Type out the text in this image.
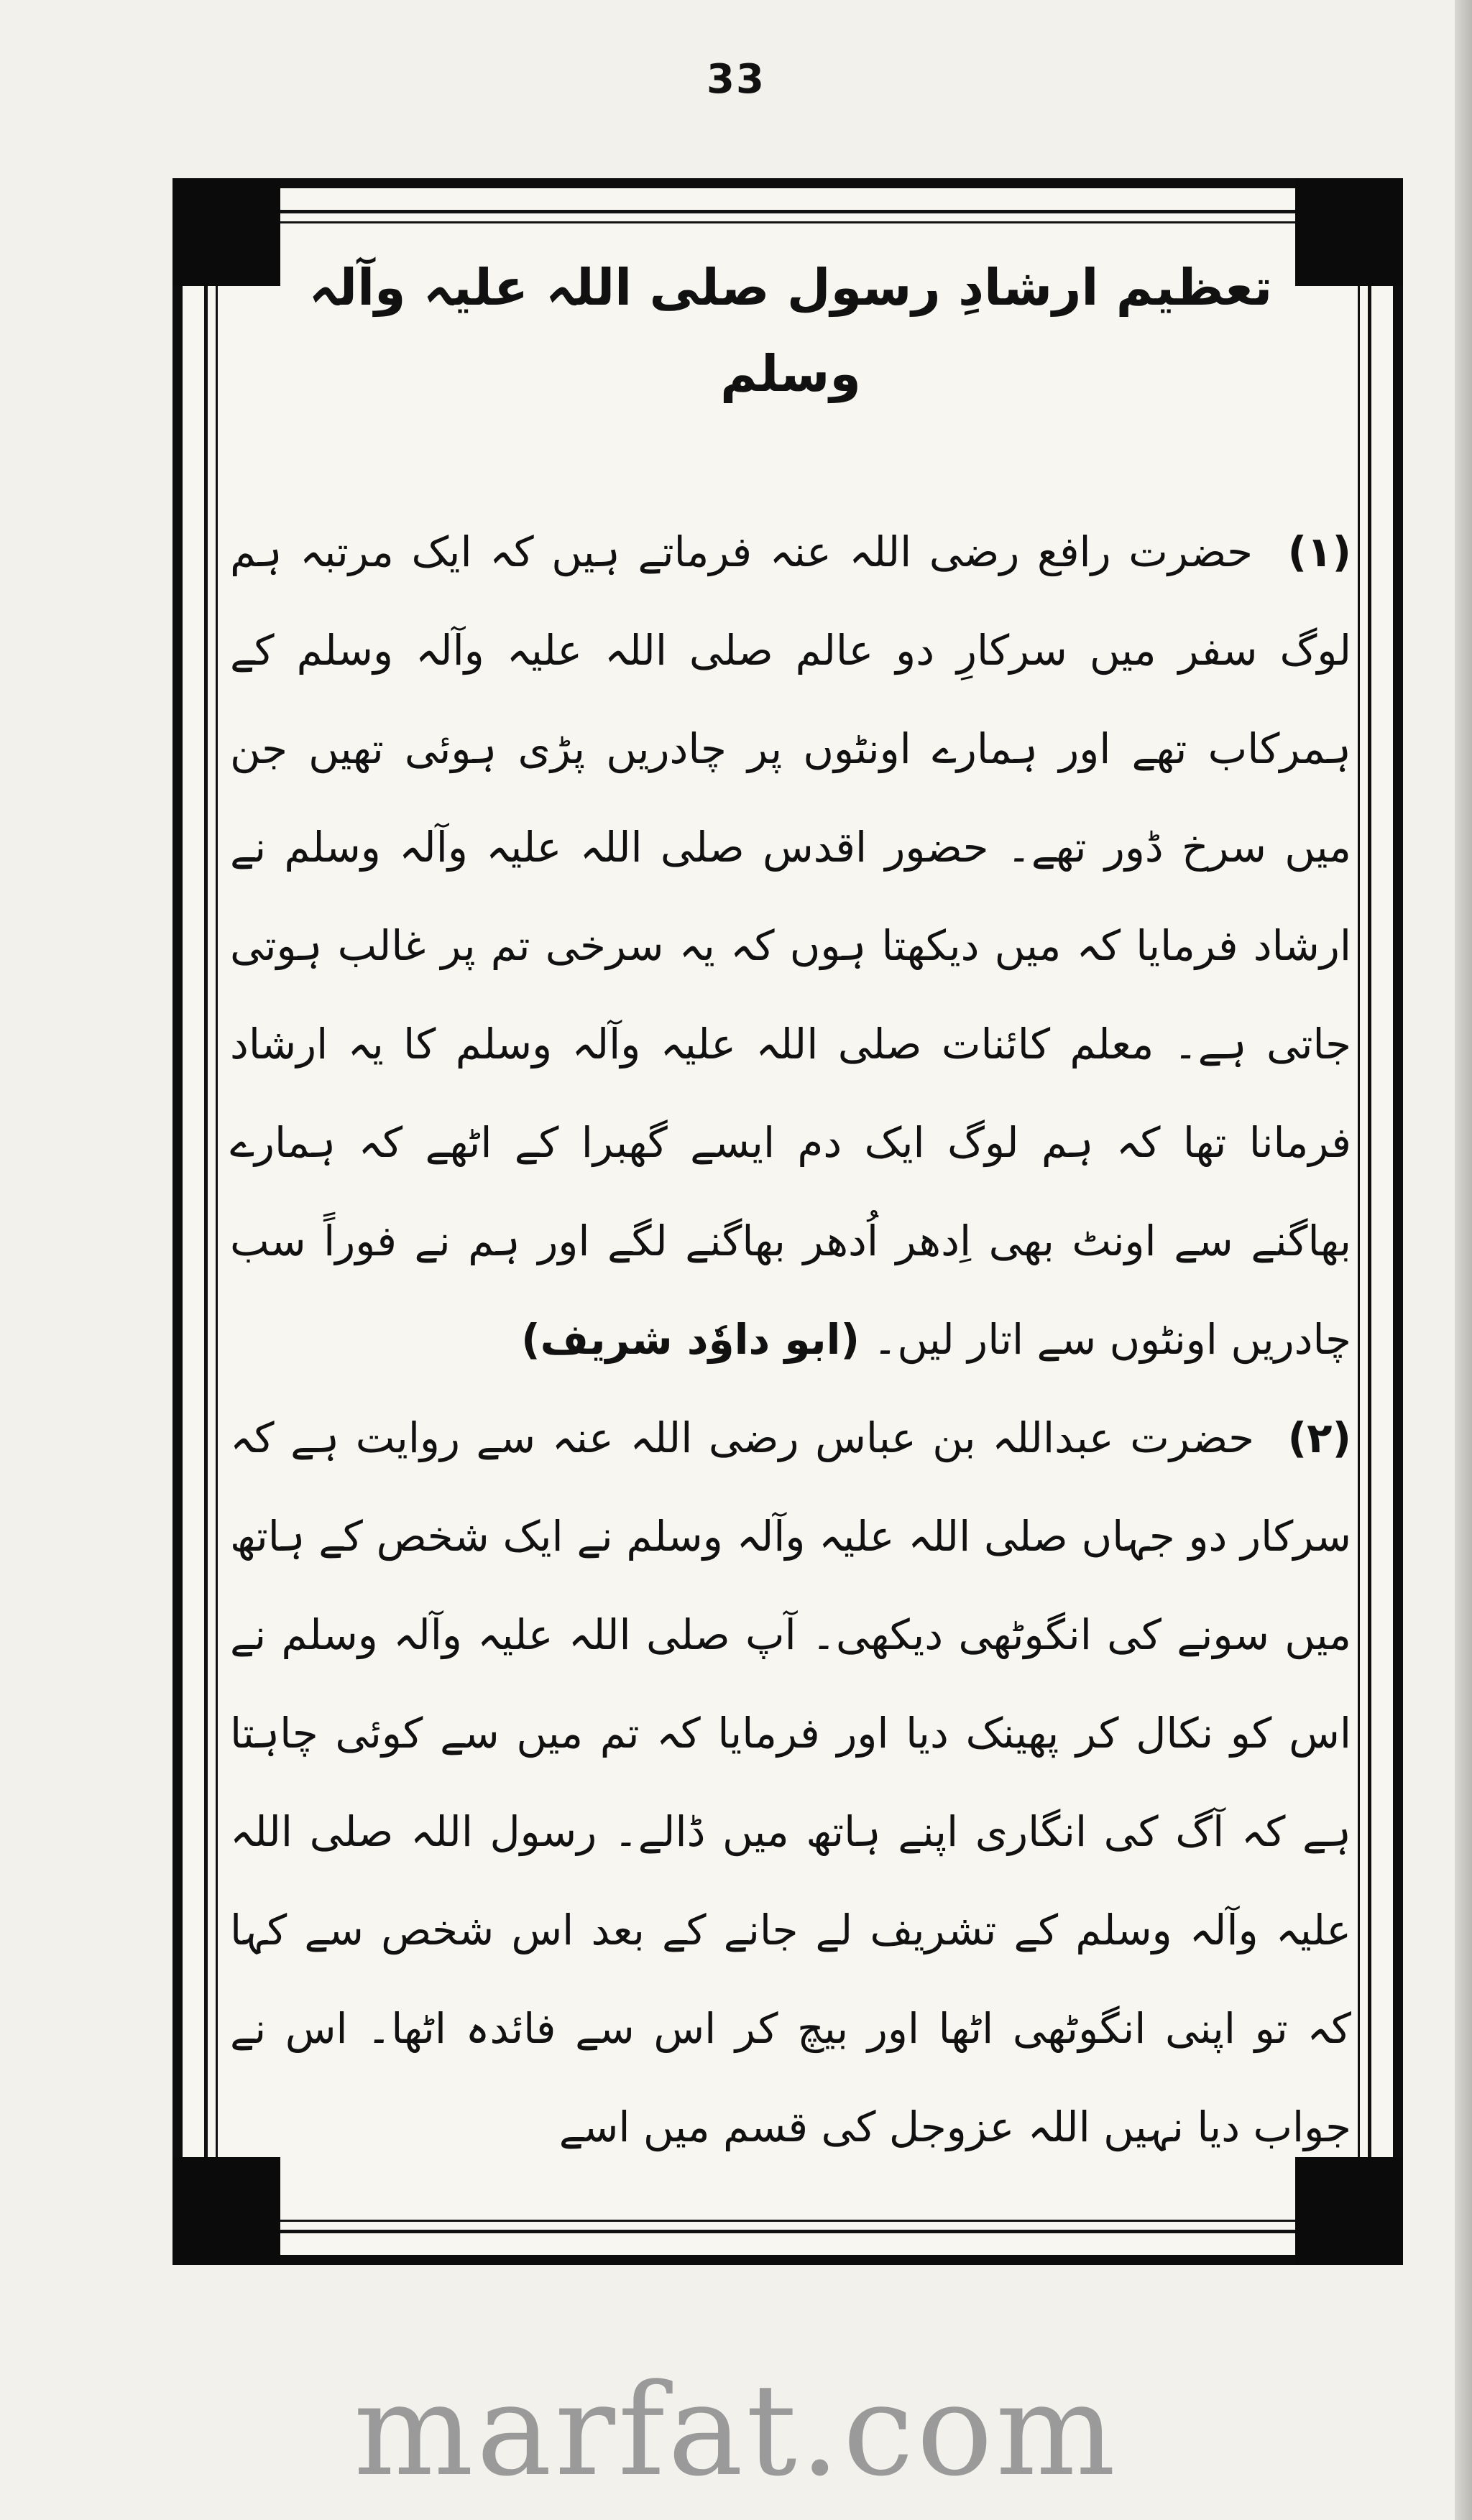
33
تعظیم ارشادِ رسول صلی اللہ علیہ وآلہ وسلم

(۱) حضرت رافع رضی اللہ عنہ فرماتے ہیں کہ ایک مرتبہ ہم لوگ سفر میں سرکارِ دو عالم صلی اللہ علیہ وآلہ وسلم کے ہمرکاب تھے اور ہمارے اونٹوں پر چادریں پڑی ہوئی تھیں جن میں سرخ ڈور تھے۔ حضور اقدس صلی اللہ علیہ وآلہ وسلم نے ارشاد فرمایا کہ میں دیکھتا ہوں کہ یہ سرخی تم پر غالب ہوتی جاتی ہے۔ معلم کائنات صلی اللہ علیہ وآلہ وسلم کا یہ ارشاد فرمانا تھا کہ ہم لوگ ایک دم ایسے گھبرا کے اٹھے کہ ہمارے بھاگنے سے اونٹ بھی اِدھر اُدھر بھاگنے لگے اور ہم نے فوراً سب چادریں اونٹوں سے اتار لیں۔ (ابو داوٗد شریف)

(۲) حضرت عبداللہ بن عباس رضی اللہ عنہ سے روایت ہے کہ سرکار دو جہاں صلی اللہ علیہ وآلہ وسلم نے ایک شخص کے ہاتھ میں سونے کی انگوٹھی دیکھی۔ آپ صلی اللہ علیہ وآلہ وسلم نے اس کو نکال کر پھینک دیا اور فرمایا کہ تم میں سے کوئی چاہتا ہے کہ آگ کی انگاری اپنے ہاتھ میں ڈالے۔ رسول اللہ صلی اللہ علیہ وآلہ وسلم کے تشریف لے جانے کے بعد اس شخص سے کہا کہ تو اپنی انگوٹھی اٹھا اور بیچ کر اس سے فائدہ اٹھا۔ اس نے جواب دیا نہیں اللہ عزوجل کی قسم میں اسے

marfat.com
